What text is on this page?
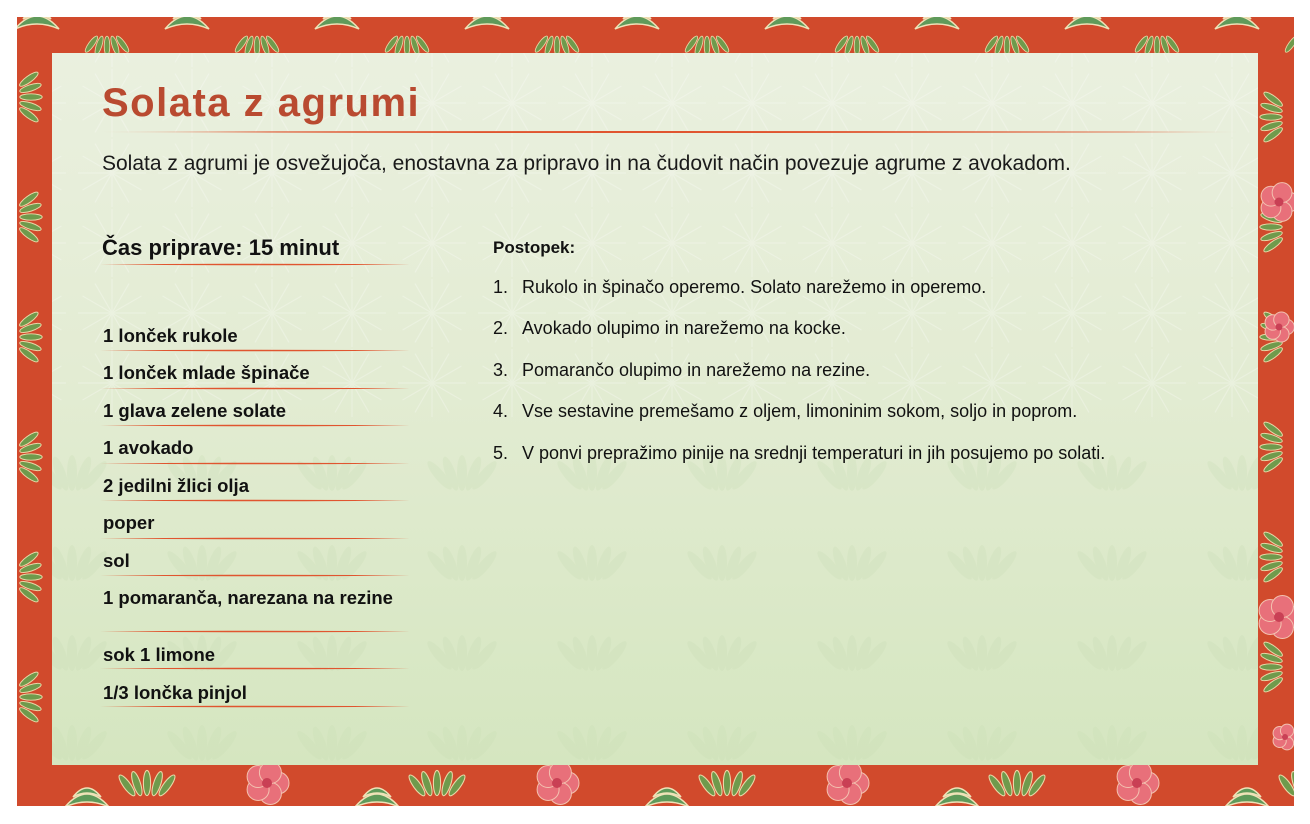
Solata z agrumi

Solata z agrumi je osvežujoča, enostavna za pripravo in na čudovit način povezuje agrume z avokadom.

Čas priprave: 15 minut
1 lonček rukole
1 lonček mlade špinače
1 glava zelene solate
1 avokado
2 jedilni žlici olja
poper
sol
1 pomaranča, narezana na rezine
sok 1 limone
1/3 lončka pinjol
Postopek:
1. Rukolo in špinačo operemo. Solato narežemo in operemo.
2. Avokado olupimo in narežemo na kocke.
3. Pomarančo olupimo in narežemo na rezine.
4. Vse sestavine premešamo z oljem, limoninim sokom, soljo in poprom.
5. V ponvi prepražimo pinije na srednji temperaturi in jih posujemo po solati.
